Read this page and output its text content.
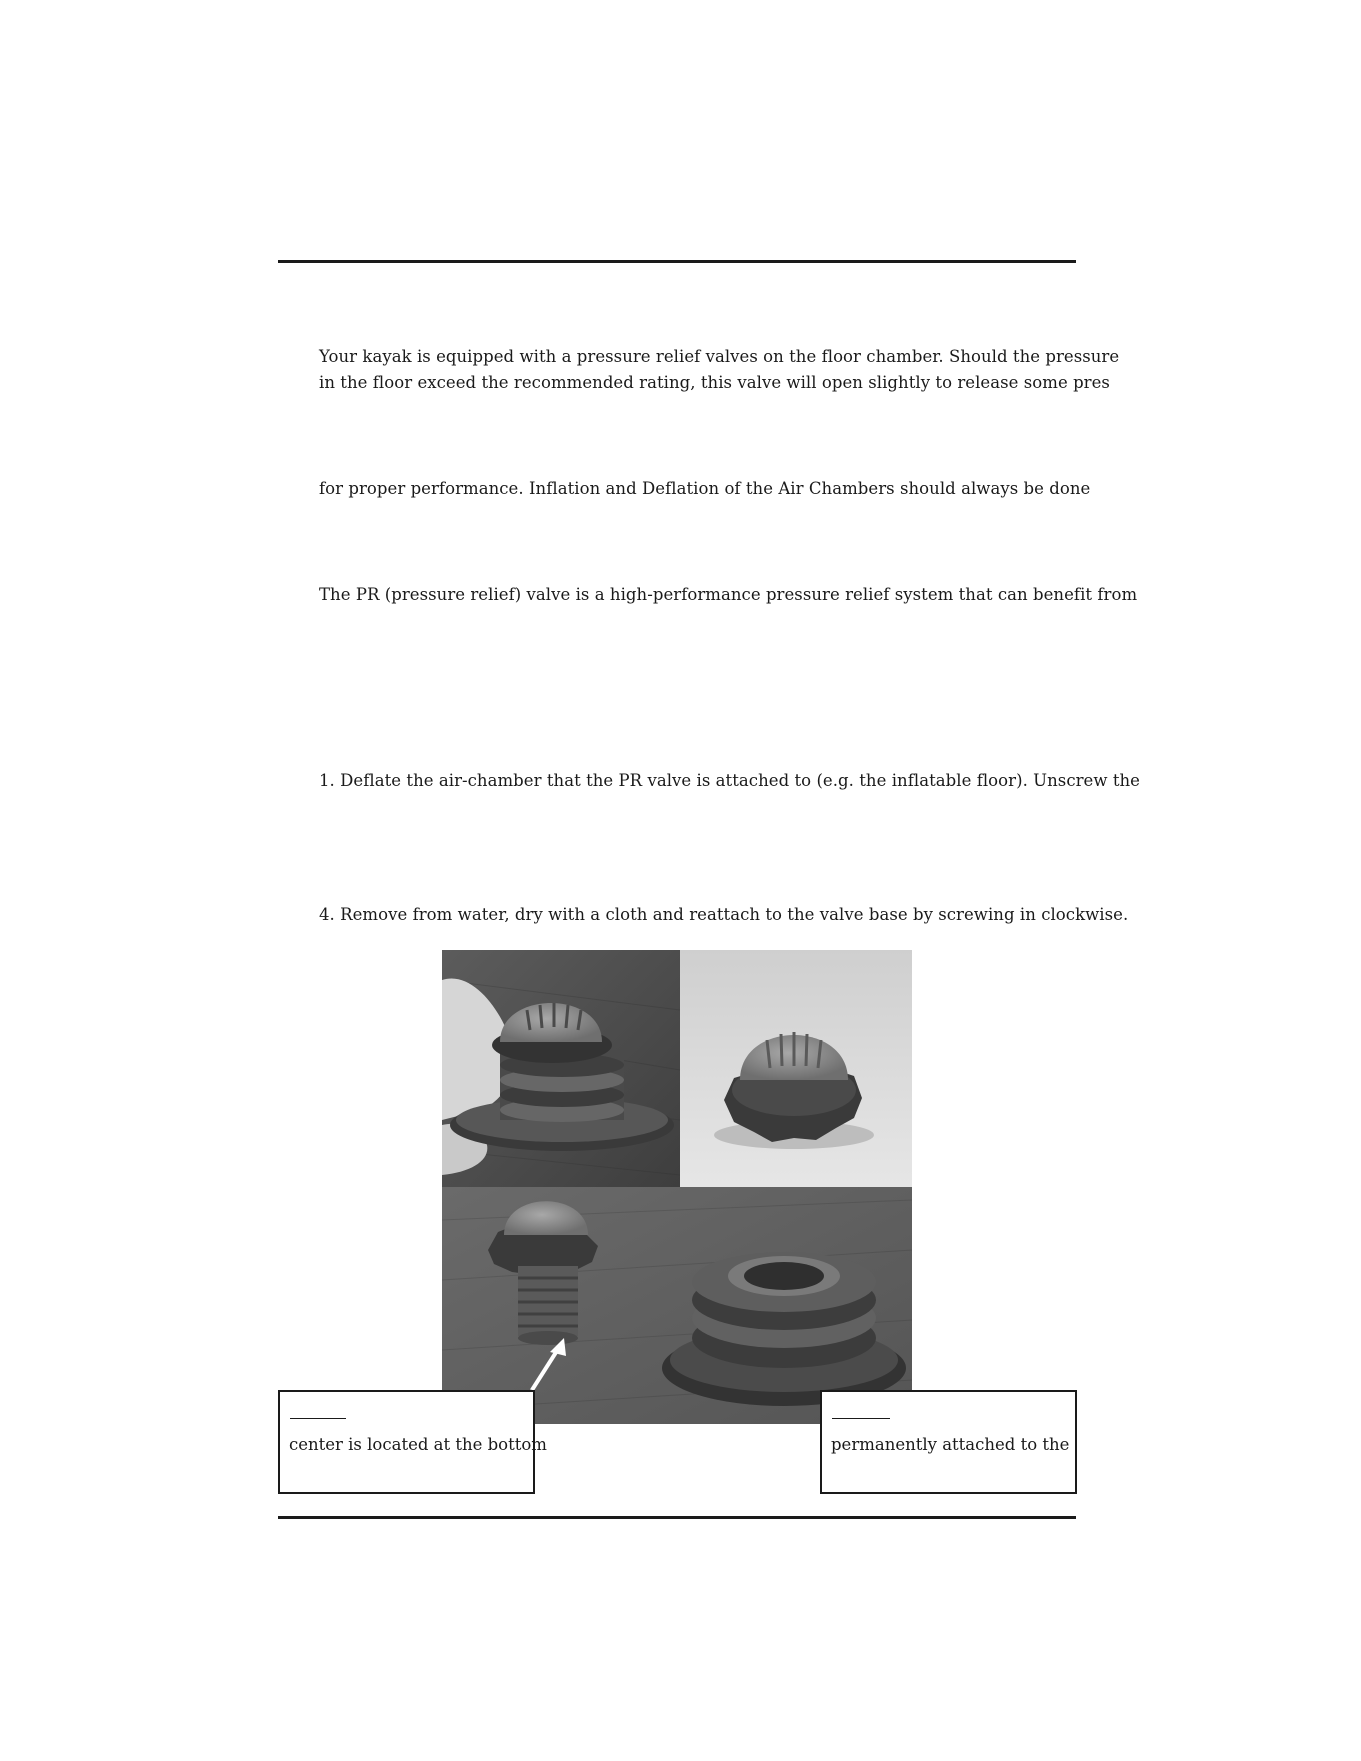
Your kayak is equipped with a pressure relief valves on the floor chamber. Should the pressure
in the floor exceed the recommended rating, this valve will open slightly to release some pres
for proper performance. Inflation and Deflation of the Air Chambers should always be done
The PR (pressure relief) valve is a high-performance pressure relief system that can benefit from
1. Deflate the air-chamber that the PR valve is attached to (e.g. the inflatable floor). Unscrew the
4. Remove from water, dry with a cloth and reattach to the valve base by screwing in clockwise.
center is located at the bottom	permanently attached to the
